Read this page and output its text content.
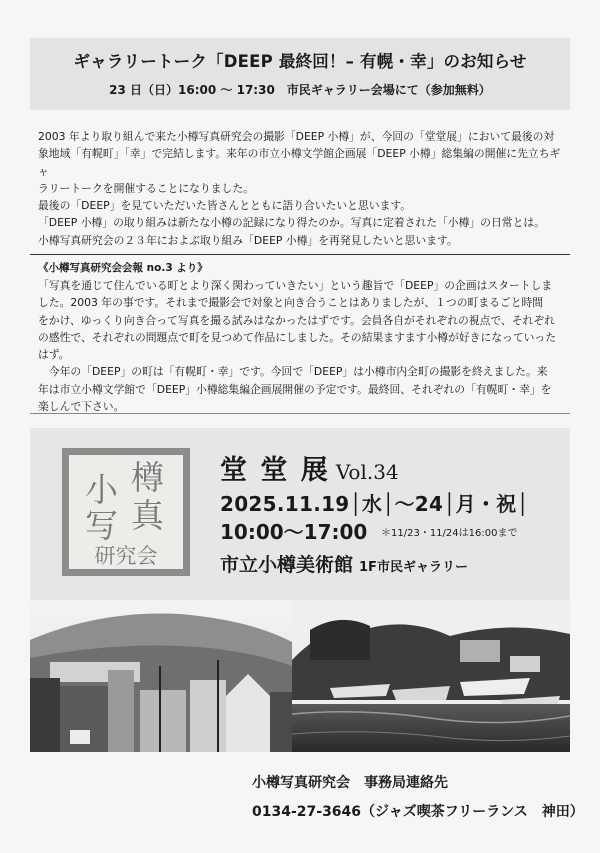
ギャラリートーク「DEEP 最終回！– 有幌・幸」のお知らせ
23 日（日）16:00 ～ 17:30　市民ギャラリー会場にて（参加無料）

2003 年より取り組んで来た小樽写真研究会の撮影「DEEP 小樽」が、今回の「堂堂展」において最後の対

象地域「有幌町」「幸」で完結します。来年の市立小樽文学館企画展「DEEP 小樽」総集編の開催に先立ちギャ

ラリートークを開催することになりました。

最後の「DEEP」を見ていただいた皆さんとともに語り合いたいと思います。

「DEEP 小樽」の取り組みは新たな小樽の記録になり得たのか。写真に定着された「小樽」の日常とは。

小樽写真研究会の２３年におよぶ取り組み「DEEP 小樽」を再発見したいと思います。

《小樽写真研究会会報 no.3 より》

「写真を通じて住んでいる町とより深く関わっていきたい」という趣旨で「DEEP」の企画はスタートしま

した。2003 年の事です。それまで撮影会で対象と向き合うことはありましたが、１つの町まるごと時間

をかけ、ゆっくり向き合って写真を撮る試みはなかったはずです。会員各自がそれぞれの視点で、それぞれ

の感性で、それぞれの問題点で町を見つめて作品にしました。その結果ますます小樽が好きになっていった

はず。

　今年の「DEEP」の町は「有幌町・幸」です。今回で「DEEP」は小樽市内全町の撮影を終えました。来

年は市立小樽文学館で「DEEP」小樽総集編企画展開催の予定です。最終回、それぞれの「有幌町・幸」を

楽しんで下さい。

樽
小
真
写
研究会
堂 堂 展 Vol.34
2025.11.19│水│～24│月・祝│
10:00～17:00 ＊11/23・11/24は16:00まで
市立小樽美術館 1F市民ギャラリー
小樽写真研究会　事務局連絡先
0134-27-3646（ジャズ喫茶フリーランス　神田）
